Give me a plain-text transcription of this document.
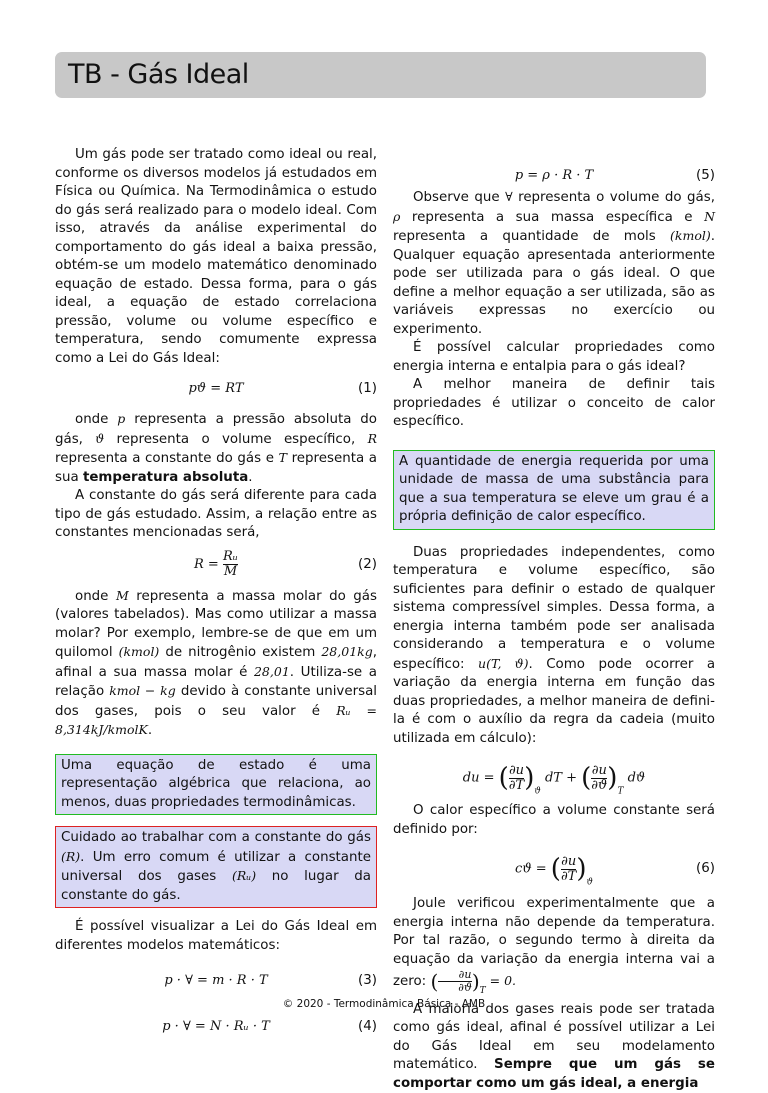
TB - Gás Ideal

Um gás pode ser tratado como ideal ou real, conforme os diversos modelos já estudados em Física ou Química. Na Termodinâmica o estudo do gás será realizado para o modelo ideal. Com isso, através da análise experimental do comportamento do gás ideal a baixa pressão, obtém-se um modelo matemático denominado equação de estado. Dessa forma, para o gás ideal, a equação de estado correlaciona pressão, volume ou volume específico e temperatura, sendo comumente expressa como a Lei do Gás Ideal:

pϑ = RT	(1)

onde p representa a pressão absoluta do gás, ϑ representa o volume específico, R representa a constante do gás e T representa a sua temperatura absoluta.

A constante do gás será diferente para cada tipo de gás estudado. Assim, a relação entre as constantes mencionadas será,

$R = \frac{\text{Rᵤ}}{M}$	(2)

onde M representa a massa molar do gás (valores tabelados). Mas como utilizar a massa molar? Por exemplo, lembre-se de que em um quilomol (kmol) de nitrogênio existem 28,01kg, afinal a sua massa molar é 28,01. Utiliza-se a relação kmol − kg devido à constante universal dos gases, pois o seu valor é Rᵤ = 8,314kJ/kmolK.

Uma equação de estado é uma representação algébrica que relaciona, ao menos, duas propriedades termodinâmicas.
Cuidado ao trabalhar com a constante do gás (R). Um erro comum é utilizar a constante universal dos gases (Rᵤ) no lugar da constante do gás.

É possível visualizar a Lei do Gás Ideal em diferentes modelos matemáticos:

p · ∀ = m · R · T	(3)
p · ∀ = N · Rᵤ · T	(4)
p = ρ · R · T	(5)

Observe que ∀ representa o volume do gás, ρ representa a sua massa específica e N representa a quantidade de mols (kmol). Qualquer equação apresentada anteriormente pode ser utilizada para o gás ideal. O que define a melhor equação a ser utilizada, são as variáveis expressas no exercício ou experimento.

É possível calcular propriedades como energia interna e entalpia para o gás ideal?

A melhor maneira de definir tais propriedades é utilizar o conceito de calor específico.

A quantidade de energia requerida por uma unidade de massa de uma substância para que a sua temperatura se eleve um grau é a própria definição de calor específico.

Duas propriedades independentes, como temperatura e volume específico, são suficientes para definir o estado de qualquer sistema compressível simples. Dessa forma, a energia interna também pode ser analisada considerando a temperatura e o volume específico: u(T, ϑ). Como pode ocorrer a variação da energia interna em função das duas propriedades, a melhor maneira de defini-la é com o auxílio da regra da cadeia (muito utilizada em cálculo):

du = ( $\frac{\partial u}{\partial T} )_ϑ$ dT + ( $\frac{\partial u}{\partial ϑ} )_T$ dϑ

O calor específico a volume constante será definido por:

cϑ = ( $\frac{\partial u}{\partial T} )_ϑ$
(6)

Joule verificou experimentalmente que a energia interna não depende da temperatura. Por tal razão, o segundo termo à direita da equação da variação da energia interna vai a zero: ( $\frac{\partial u}{\partial ϑ} )_T = 0$.

A maioria dos gases reais pode ser tratada como gás ideal, afinal é possível utilizar a Lei do Gás Ideal em seu modelamento matemático. Sempre que um gás se comportar como um gás ideal, a energia

© 2020 - Termodinâmica Básica - AMB
